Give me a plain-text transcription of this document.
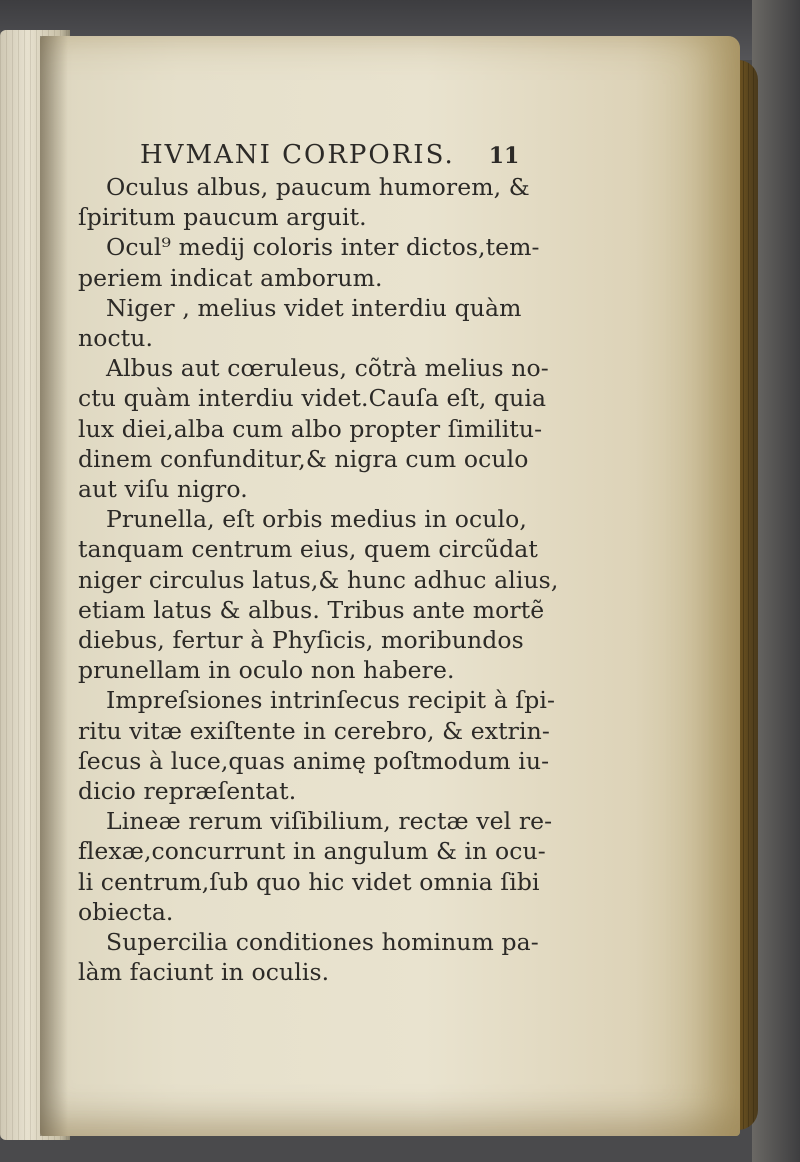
HVMANI CORPORIS. 11
Oculus albus, paucum humorem, &
ſpiritum paucum arguit.
Ocul⁹ medij coloris inter dictos,tem-
periem indicat amborum.
Niger , melius videt interdiu quàm
noctu.
Albus aut cœruleus, cõtrà melius no-
ctu quàm interdiu videt.Cauſa eſt, quia
lux diei,alba cum albo propter ſimilitu-
dinem confunditur,& nigra cum oculo
aut viſu nigro.
Prunella, eſt orbis medius in oculo,
tanquam centrum eius, quem circũdat
niger circulus latus,& hunc adhuc alius,
etiam latus & albus. Tribus ante mortẽ
diebus, fertur à Phyſicis, moribundos
prunellam in oculo non habere.
Impreſsiones intrinſecus recipit à ſpi-
ritu vitæ exiſtente in cerebro, & extrin-
ſecus à luce,quas animę poſtmodum iu-
dicio repræſentat.
Lineæ rerum viſibilium, rectæ vel re-
flexæ,concurrunt in angulum & in ocu-
li centrum,ſub quo hic videt omnia ſibi
obiecta.
Supercilia conditiones hominum pa-
làm faciunt in oculis.
